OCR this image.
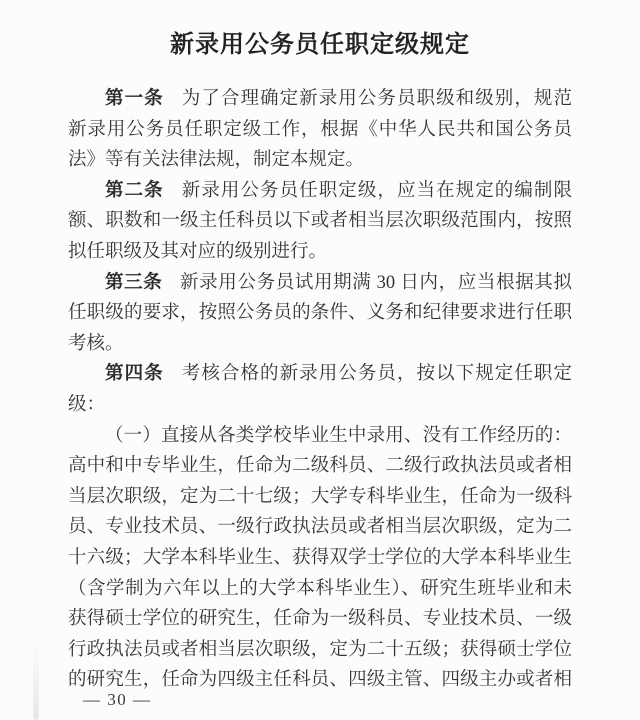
新录用公务员任职定级规定
第一条 为了合理确定新录用公务员职级和级别，规范
新录用公务员任职定级工作，根据《中华人民共和国公务员
法》等有关法律法规，制定本规定。
第二条 新录用公务员任职定级，应当在规定的编制限
额、职数和一级主任科员以下或者相当层次职级范围内，按照
拟任职级及其对应的级别进行。
第三条 新录用公务员试用期满 30 日内，应当根据其拟
任职级的要求，按照公务员的条件、义务和纪律要求进行任职
考核。
第四条 考核合格的新录用公务员，按以下规定任职定
级：
（一）直接从各类学校毕业生中录用、没有工作经历的：
高中和中专毕业生，任命为二级科员、二级行政执法员或者相
当层次职级，定为二十七级；大学专科毕业生，任命为一级科
员、专业技术员、一级行政执法员或者相当层次职级，定为二
十六级；大学本科毕业生、获得双学士学位的大学本科毕业生
（含学制为六年以上的大学本科毕业生）、研究生班毕业和未
获得硕士学位的研究生，任命为一级科员、专业技术员、一级
行政执法员或者相当层次职级，定为二十五级；获得硕士学位
的研究生，任命为四级主任科员、四级主管、四级主办或者相
— 30 —
